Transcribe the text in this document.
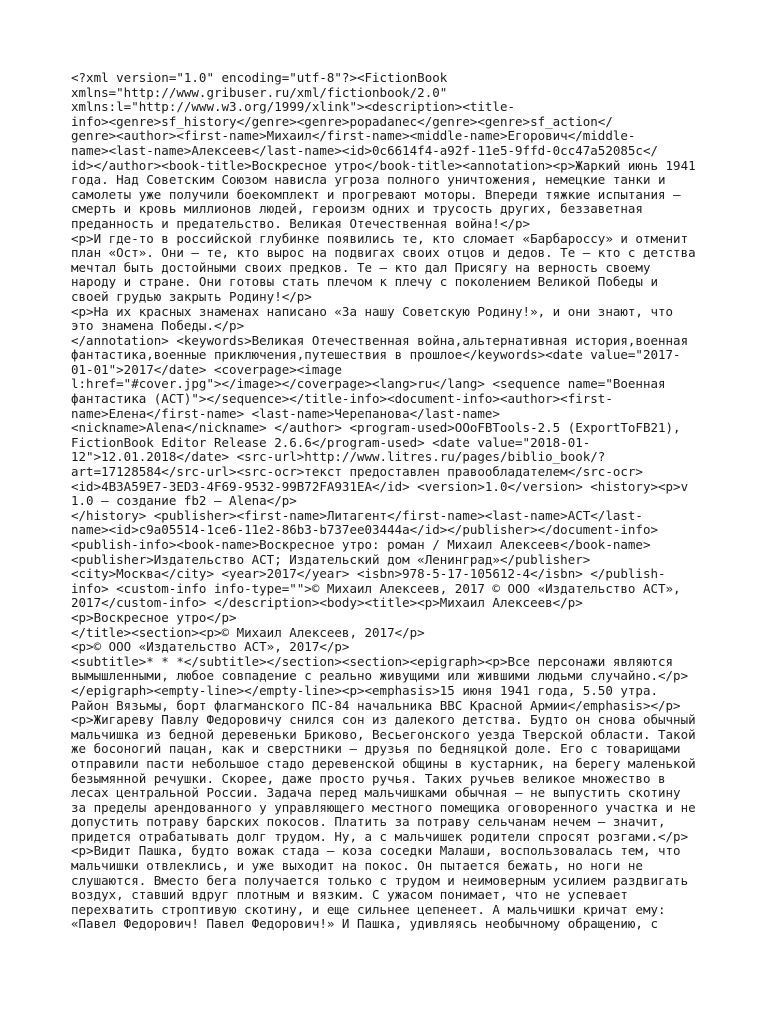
<?xml version="1.0" encoding="utf-8"?><FictionBook
xmlns="http://www.gribuser.ru/xml/fictionbook/2.0"
xmlns:l="http://www.w3.org/1999/xlink"><description><title-
info><genre>sf_history</genre><genre>popadanec</genre><genre>sf_action</
genre><author><first-name>Михаил</first-name><middle-name>Егорович</middle-
name><last-name>Алексеев</last-name><id>0c6614f4-a92f-11e5-9ffd-0cc47a52085c</
id></author><book-title>Воскресное утро</book-title><annotation><p>Жаркий июнь 1941
года. Над Советским Союзом нависла угроза полного уничтожения, немецкие танки и
самолеты уже получили боекомплект и прогревают моторы. Впереди тяжкие испытания –
смерть и кровь миллионов людей, героизм одних и трусость других, беззаветная
преданность и предательство. Великая Отечественная война!</p>
<p>И где-то в российской глубинке появились те, кто сломает «Барбароссу» и отменит
план «Ост». Они – те, кто вырос на подвигах своих отцов и дедов. Те – кто с детства
мечтал быть достойными своих предков. Те – кто дал Присягу на верность своему
народу и стране. Они готовы стать плечом к плечу с поколением Великой Победы и
своей грудью закрыть Родину!</p>
<p>На их красных знаменах написано «За нашу Советскую Родину!», и они знают, что
это знамена Победы.</p>
</annotation> <keywords>Великая Отечественная война,альтернативная история,военная
фантастика,военные приключения,путешествия в прошлое</keywords><date value="2017-
01-01">2017</date> <coverpage><image
l:href="#cover.jpg"></image></coverpage><lang>ru</lang> <sequence name="Военная
фантастика (АСТ)"></sequence></title-info><document-info><author><first-
name>Елена</first-name> <last-name>Черепанова</last-name>
<nickname>Alena</nickname> </author> <program-used>OOoFBTools-2.5 (ExportToFB21),
FictionBook Editor Release 2.6.6</program-used> <date value="2018-01-
12">12.01.2018</date> <src-url>http://www.litres.ru/pages/biblio_book/?
art=17128584</src-url><src-ocr>текст предоставлен правообладателем</src-ocr>
<id>4B3A59E7-3ED3-4F69-9532-99B72FA931EA</id> <version>1.0</version> <history><p>v
1.0 – создание fb2 – Alena</p>
</history> <publisher><first-name>Литагент</first-name><last-name>АСТ</last-
name><id>c9a05514-1ce6-11e2-86b3-b737ee03444a</id></publisher></document-info>
<publish-info><book-name>Воскресное утро: роман / Михаил Алексеев</book-name>
<publisher>Издательство АСТ; Издательский дом «Ленинград»</publisher>
<city>Москва</city> <year>2017</year> <isbn>978-5-17-105612-4</isbn> </publish-
info> <custom-info info-type="">© Михаил Алексеев, 2017 © ООО «Издательство АСТ»,
2017</custom-info> </description><body><title><p>Михаил Алексеев</p>
<p>Воскресное утро</p>
</title><section><p>© Михаил Алексеев, 2017</p>
<p>© ООО «Издательство АСТ», 2017</p>
<subtitle>* * *</subtitle></section><section><epigraph><p>Все персонажи являются
вымышленными, любое совпадение с реально живущими или жившими людьми случайно.</p>
</epigraph><empty-line></empty-line><p><emphasis>15 июня 1941 года, 5.50 утра.
Район Вязьмы, борт флагманского ПС-84 начальника ВВС Красной Армии</emphasis></p>
<p>Жигареву Павлу Федоровичу снился сон из далекого детства. Будто он снова обычный
мальчишка из бедной деревеньки Бриково, Весьегонского уезда Тверской области. Такой
же босоногий пацан, как и сверстники – друзья по бедняцкой доле. Его с товарищами
отправили пасти небольшое стадо деревенской общины в кустарник, на берегу маленькой
безымянной речушки. Скорее, даже просто ручья. Таких ручьев великое множество в
лесах центральной России. Задача перед мальчишками обычная – не выпустить скотину
за пределы арендованного у управляющего местного помещика оговоренного участка и не
допустить потраву барских покосов. Платить за потраву сельчанам нечем – значит,
придется отрабатывать долг трудом. Ну, а с мальчишек родители спросят розгами.</p>
<p>Видит Пашка, будто вожак стада – коза соседки Малаши, воспользовалась тем, что
мальчишки отвлеклись, и уже выходит на покос. Он пытается бежать, но ноги не
слушаются. Вместо бега получается только с трудом и неимоверным усилием раздвигать
воздух, ставший вдруг плотным и вязким. С ужасом понимает, что не успевает
перехватить строптивую скотину, и еще сильнее цепенеет. А мальчишки кричат ему:
«Павел Федорович! Павел Федорович!» И Пашка, удивляясь необычному обращению, с
